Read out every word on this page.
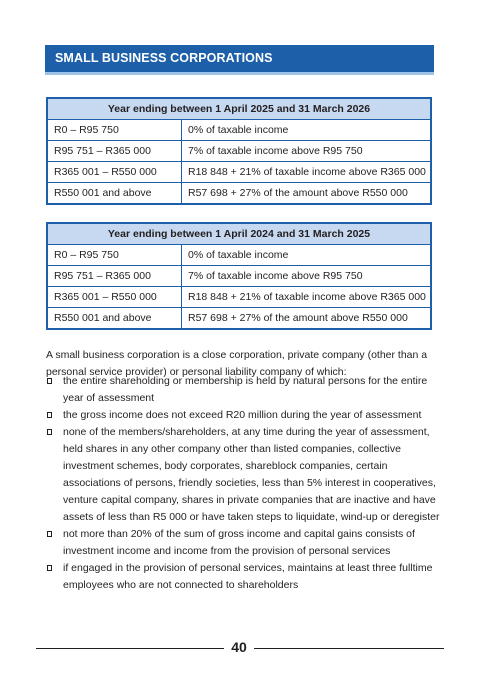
SMALL BUSINESS CORPORATIONS
Year ending between 1 April 2025 and 31 March 2026	
R0 – R95 750	0% of taxable income
R95 751 – R365 000	7% of taxable income above R95 750
R365 001 – R550 000	R18 848 + 21% of taxable income above R365 000
R550 001 and above	R57 698 + 27% of the amount above R550 000
Year ending between 1 April 2024 and 31 March 2025	
R0 – R95 750	0% of taxable income
R95 751 – R365 000	7% of taxable income above R95 750
R365 001 – R550 000	R18 848 + 21% of taxable income above R365 000
R550 001 and above	R57 698 + 27% of the amount above R550 000

A small business corporation is a close corporation, private company (other than a personal service provider) or personal liability company of which:

the entire shareholding or membership is held by natural persons for the entire year of assessment
the gross income does not exceed R20 million during the year of assessment
none of the members/shareholders, at any time during the year of assessment, held shares in any other company other than listed companies, collective investment schemes, body corporates, shareblock companies, certain associations of persons, friendly societies, less than 5% interest in cooperatives, venture capital company, shares in private companies that are inactive and have assets of less than R5 000 or have taken steps to liquidate, wind-up or deregister
not more than 20% of the sum of gross income and capital gains consists of investment income and income from the provision of personal services
if engaged in the provision of personal services, maintains at least three fulltime employees who are not connected to shareholders
40
